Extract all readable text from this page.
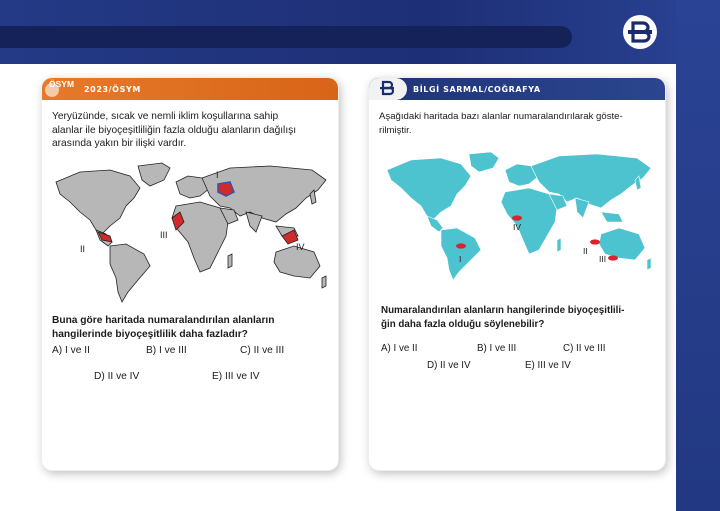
ÖSYM 2023/ÖSYM
Yeryüzünde, sıcak ve nemli iklim koşullarına sahip
alanlar ile biyoçeşitliliğin fazla olduğu alanların dağılışı
arasında yakın bir ilişki vardır.
I
II
III
IV
Buna göre haritada numaralandırılan alanların
hangilerinde biyoçeşitlilik daha fazladır?
A) I ve II	B) I ve III	C) II ve III
D) II ve IV	E) III ve IV
BİLGİ SARMAL/COĞRAFYA
Aşağıdaki haritada bazı alanlar numaralandırılarak göste-
rilmiştir.
I
II
III
IV
Numaralandırılan alanların hangilerinde biyoçeşitlili-
ğin daha fazla olduğu söylenebilir?
A) I ve II	B) I ve III	C) II ve III
D) II ve IV	E) III ve IV
